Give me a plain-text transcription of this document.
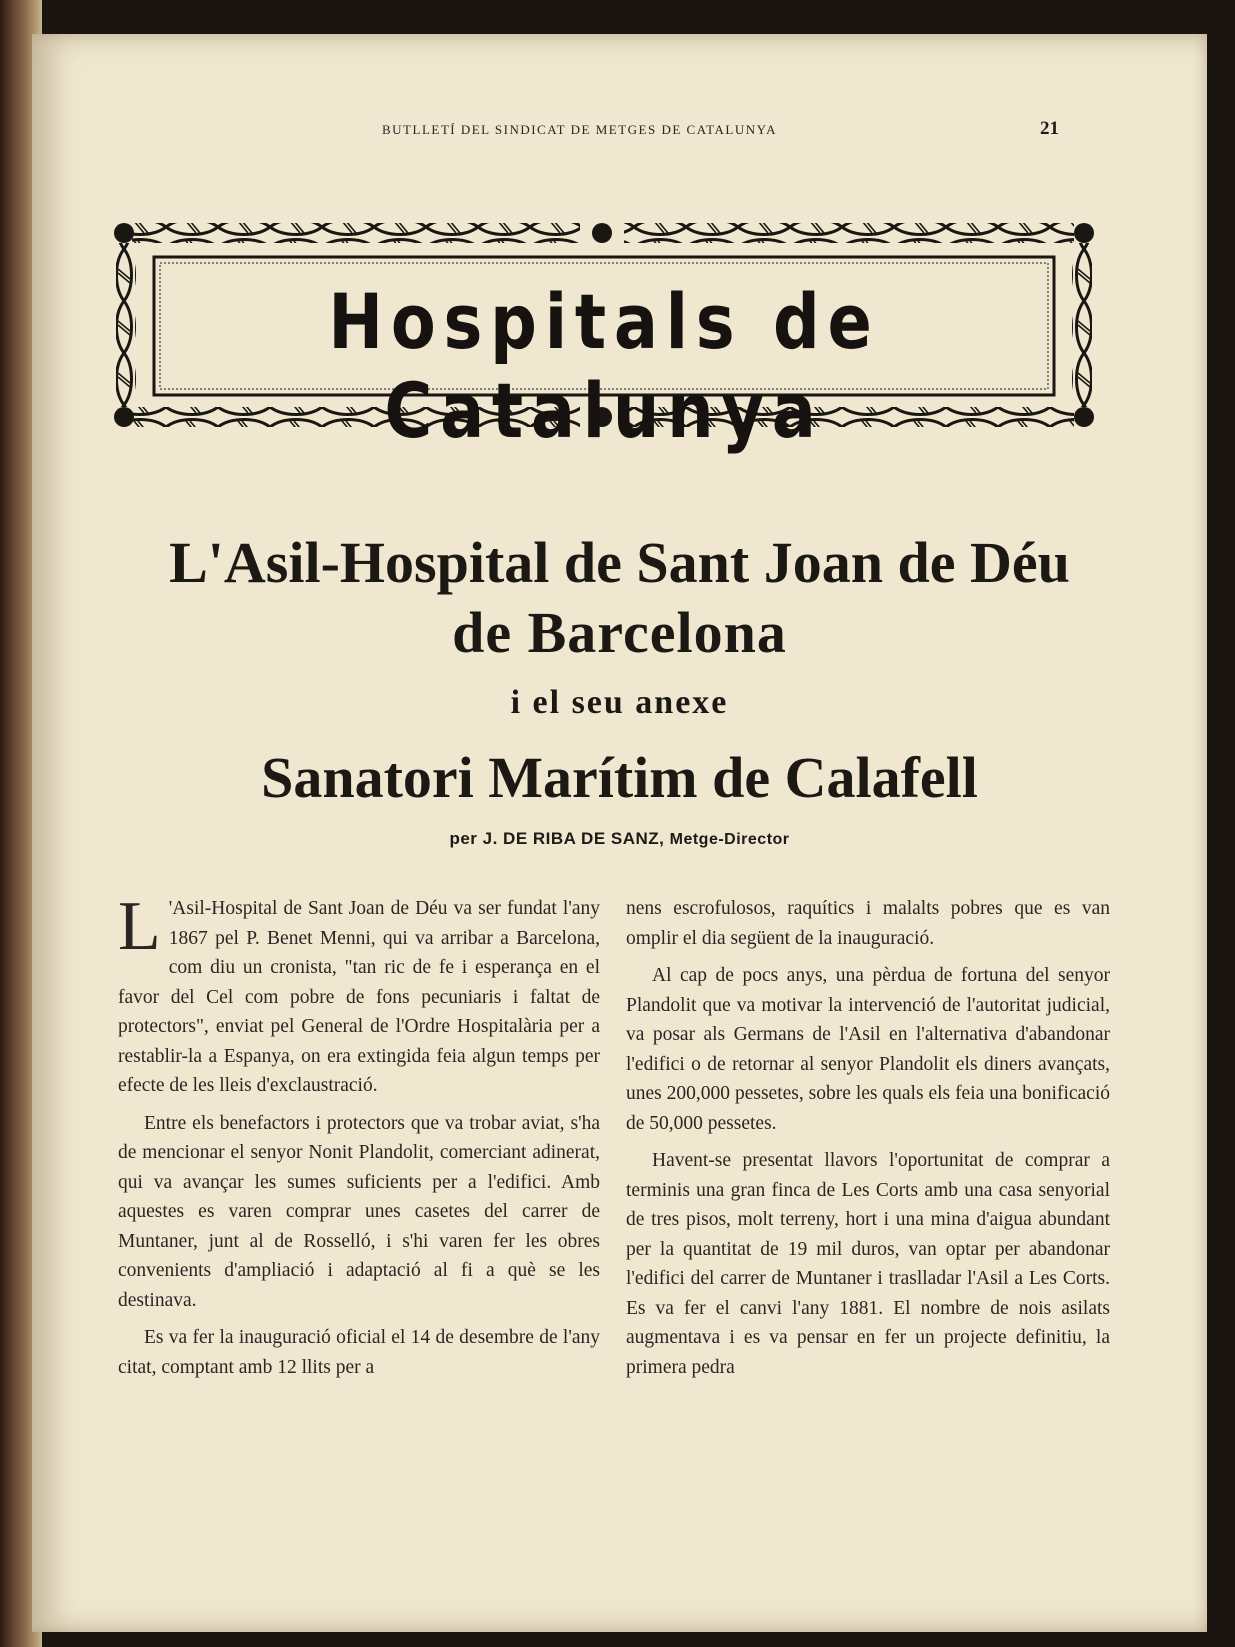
BUTLLETÍ DEL SINDICAT DE METGES DE CATALUNYA	21
Hospitals de Catalunya
L'Asil-Hospital de Sant Joan de Déu
de Barcelona
i el seu anexe
Sanatori Marítim de Calafell
per J. DE RIBA DE SANZ, Metge-Director

L 'Asil-Hospital de Sant Joan de Déu va ser fundat l'any 1867 pel P. Benet Menni, qui va arribar a Barcelona, com diu un cronista, "tan ric de fe i esperança en el favor del Cel com pobre de fons pecuniaris i faltat de protectors", enviat pel General de l'Ordre Hospitalària per a restablir-la a Espanya, on era extingida feia algun temps per efecte de les lleis d'exclaustració.

Entre els benefactors i protectors que va trobar aviat, s'ha de mencionar el senyor Nonit Plandolit, comerciant adinerat, qui va avançar les sumes suficients per a l'edifici. Amb aquestes es varen comprar unes casetes del carrer de Muntaner, junt al de Rosselló, i s'hi varen fer les obres convenients d'ampliació i adaptació al fi a què se les destinava.

Es va fer la inauguració oficial el 14 de desembre de l'any citat, comptant amb 12 llits per a

nens escrofulosos, raquítics i malalts pobres que es van omplir el dia següent de la inauguració.

Al cap de pocs anys, una pèrdua de fortuna del senyor Plandolit que va motivar la intervenció de l'autoritat judicial, va posar als Germans de l'Asil en l'alternativa d'abandonar l'edifici o de retornar al senyor Plandolit els diners avançats, unes 200,000 pessetes, sobre les quals els feia una bonificació de 50,000 pessetes.

Havent-se presentat llavors l'oportunitat de comprar a terminis una gran finca de Les Corts amb una casa senyorial de tres pisos, molt terreny, hort i una mina d'aigua abundant per la quantitat de 19 mil duros, van optar per abandonar l'edifici del carrer de Muntaner i traslladar l'Asil a Les Corts. Es va fer el canvi l'any 1881. El nombre de nois asilats augmentava i es va pensar en fer un projecte definitiu, la primera pedra
